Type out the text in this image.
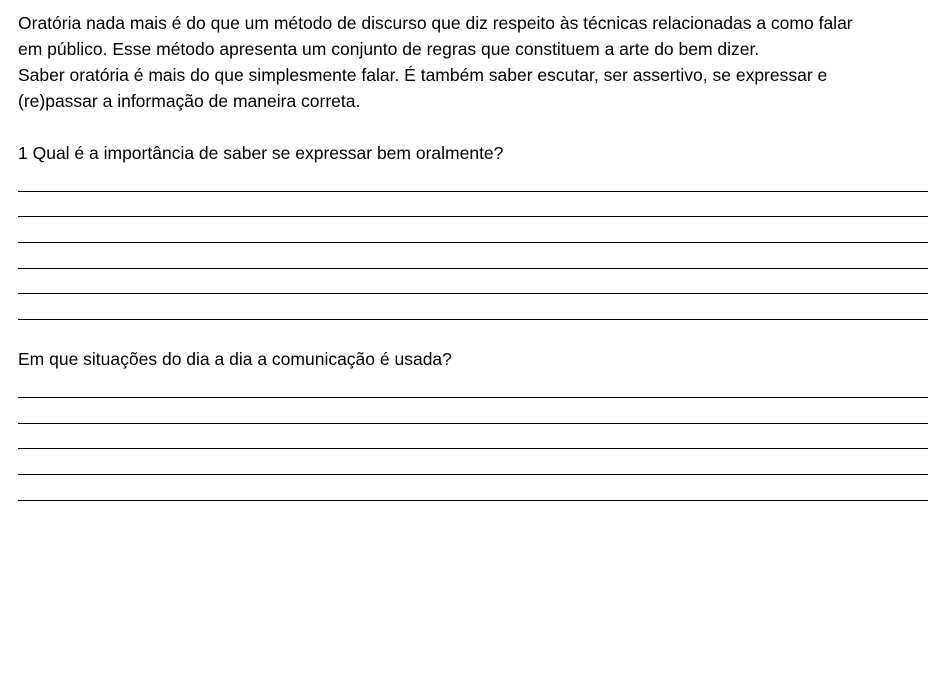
Oratória nada mais é do que um método de discurso que diz respeito às técnicas relacionadas a como falar

em público. Esse método apresenta um conjunto de regras que constituem a arte do bem dizer.

Saber oratória é mais do que simplesmente falar. É também saber escutar, ser assertivo, se expressar e

(re)passar a informação de maneira correta.

1 Qual é a importância de saber se expressar bem oralmente?

Em que situações do dia a dia a comunicação é usada?
